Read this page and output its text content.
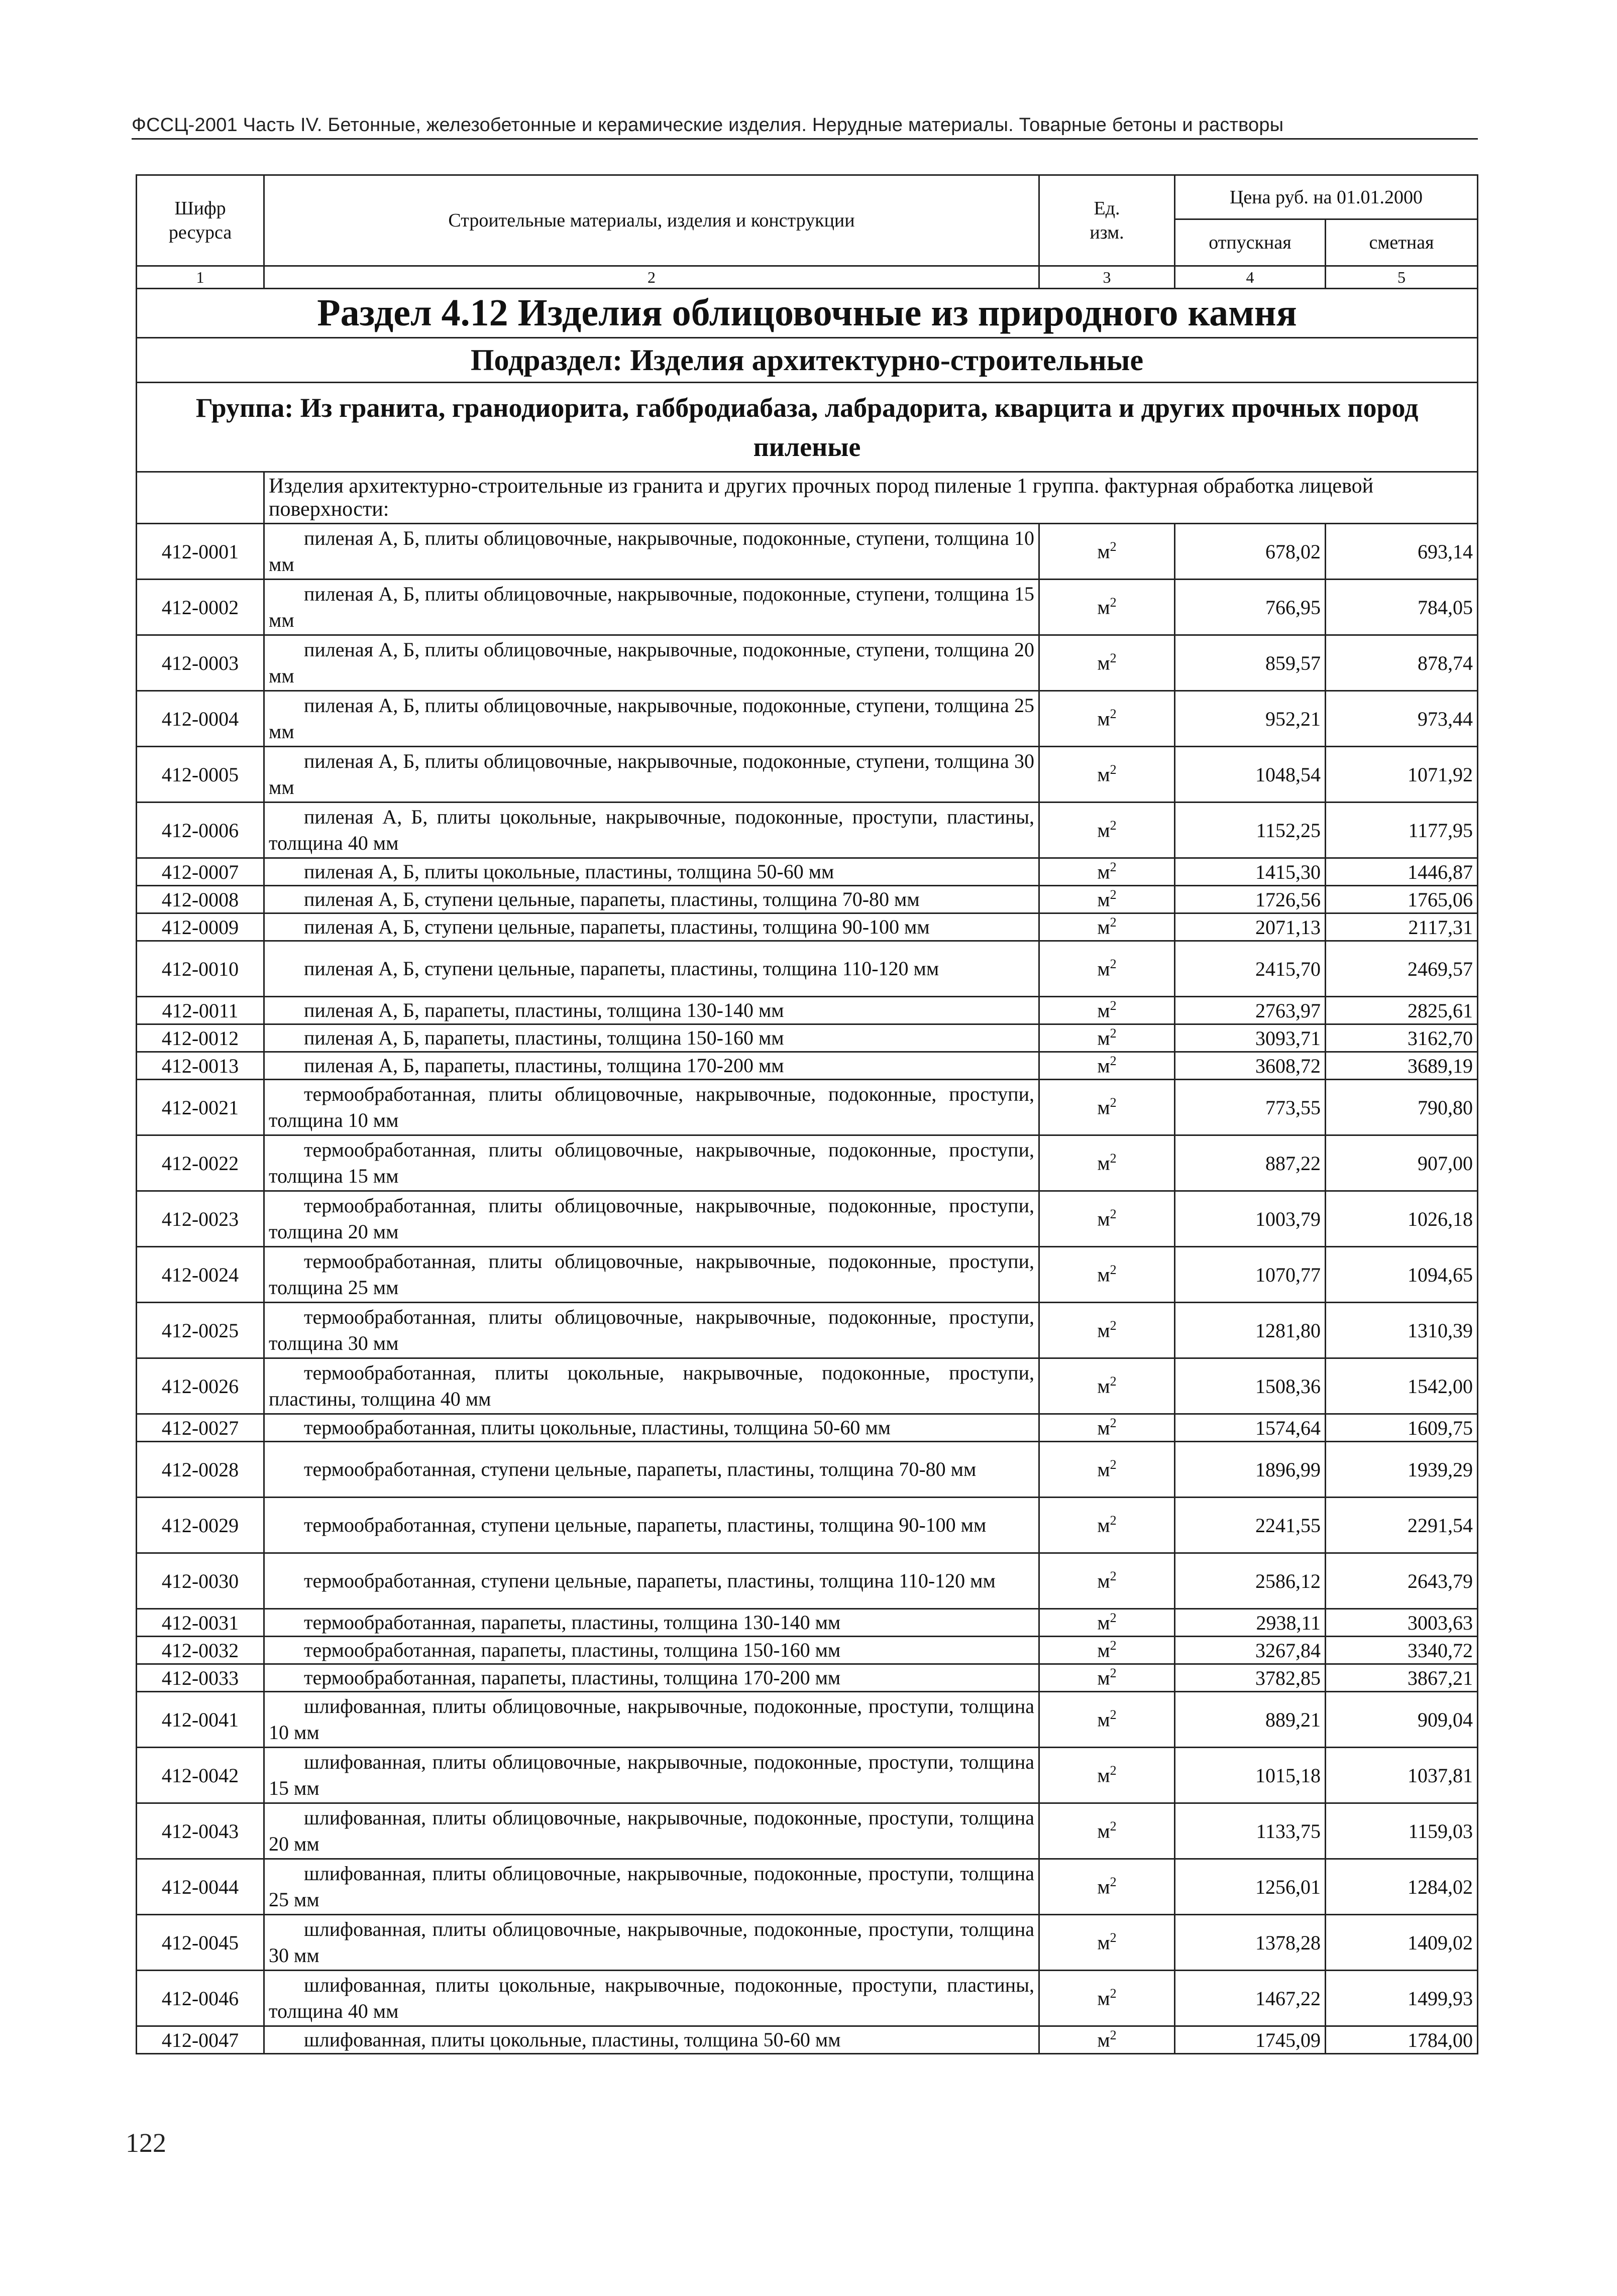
ФССЦ-2001 Часть IV. Бетонные, железобетонные и керамические изделия. Нерудные материалы. Товарные бетоны и растворы
Шифр
ресурса	Строительные материалы, изделия и конструкции	Ед.
изм.	Цена руб. на 01.01.2000	
			отпускная	сметная
1	2	3	4	5
Раздел 4.12 Изделия облицовочные из природного камня				
Подраздел: Изделия архитектурно-строительные				
Группа: Из гранита, гранодиорита, габбродиабаза, лабрадорита, кварцита и других прочных пород пиленые				
	Изделия архитектурно-строительные из гранита и других прочных пород пиленые 1 группа. фактурная обработка лицевой поверхности:			
412-0001	пиленая А, Б, плиты облицовочные, накрывочные, подоконные, ступени, толщина 10 мм	$м^2$	678,02	693,14
412-0002	пиленая А, Б, плиты облицовочные, накрывочные, подоконные, ступени, толщина 15 мм	$м^2$	766,95	784,05
412-0003	пиленая А, Б, плиты облицовочные, накрывочные, подоконные, ступени, толщина 20 мм	$м^2$	859,57	878,74
412-0004	пиленая А, Б, плиты облицовочные, накрывочные, подоконные, ступени, толщина 25 мм	$м^2$	952,21	973,44
412-0005	пиленая А, Б, плиты облицовочные, накрывочные, подоконные, ступени, толщина 30 мм	$м^2$	1048,54	1071,92
412-0006	пиленая А, Б, плиты цокольные, накрывочные, подоконные, проступи, пластины, толщина 40 мм	$м^2$	1152,25	1177,95
412-0007	пиленая А, Б, плиты цокольные, пластины, толщина 50-60 мм	$м^2$	1415,30	1446,87
412-0008	пиленая А, Б, ступени цельные, парапеты, пластины, толщина 70-80 мм	$м^2$	1726,56	1765,06
412-0009	пиленая А, Б, ступени цельные, парапеты, пластины, толщина 90-100 мм	$м^2$	2071,13	2117,31
412-0010	пиленая А, Б, ступени цельные, парапеты, пластины, толщина 110-120 мм	$м^2$	2415,70	2469,57
412-0011	пиленая А, Б, парапеты, пластины, толщина 130-140 мм	$м^2$	2763,97	2825,61
412-0012	пиленая А, Б, парапеты, пластины, толщина 150-160 мм	$м^2$	3093,71	3162,70
412-0013	пиленая А, Б, парапеты, пластины, толщина 170-200 мм	$м^2$	3608,72	3689,19
412-0021	термообработанная, плиты облицовочные, накрывочные, подоконные, проступи, толщина 10 мм	$м^2$	773,55	790,80
412-0022	термообработанная, плиты облицовочные, накрывочные, подоконные, проступи, толщина 15 мм	$м^2$	887,22	907,00
412-0023	термообработанная, плиты облицовочные, накрывочные, подоконные, проступи, толщина 20 мм	$м^2$	1003,79	1026,18
412-0024	термообработанная, плиты облицовочные, накрывочные, подоконные, проступи, толщина 25 мм	$м^2$	1070,77	1094,65
412-0025	термообработанная, плиты облицовочные, накрывочные, подоконные, проступи, толщина 30 мм	$м^2$	1281,80	1310,39
412-0026	термообработанная, плиты цокольные, накрывочные, подоконные, проступи, пластины, толщина 40 мм	$м^2$	1508,36	1542,00
412-0027	термообработанная, плиты цокольные, пластины, толщина 50-60 мм	$м^2$	1574,64	1609,75
412-0028	термообработанная, ступени цельные, парапеты, пластины, толщина 70-80 мм	$м^2$	1896,99	1939,29
412-0029	термообработанная, ступени цельные, парапеты, пластины, толщина 90-100 мм	$м^2$	2241,55	2291,54
412-0030	термообработанная, ступени цельные, парапеты, пластины, толщина 110-120 мм	$м^2$	2586,12	2643,79
412-0031	термообработанная, парапеты, пластины, толщина 130-140 мм	$м^2$	2938,11	3003,63
412-0032	термообработанная, парапеты, пластины, толщина 150-160 мм	$м^2$	3267,84	3340,72
412-0033	термообработанная, парапеты, пластины, толщина 170-200 мм	$м^2$	3782,85	3867,21
412-0041	шлифованная, плиты облицовочные, накрывочные, подоконные, проступи, толщина 10 мм	$м^2$	889,21	909,04
412-0042	шлифованная, плиты облицовочные, накрывочные, подоконные, проступи, толщина 15 мм	$м^2$	1015,18	1037,81
412-0043	шлифованная, плиты облицовочные, накрывочные, подоконные, проступи, толщина 20 мм	$м^2$	1133,75	1159,03
412-0044	шлифованная, плиты облицовочные, накрывочные, подоконные, проступи, толщина 25 мм	$м^2$	1256,01	1284,02
412-0045	шлифованная, плиты облицовочные, накрывочные, подоконные, проступи, толщина 30 мм	$м^2$	1378,28	1409,02
412-0046	шлифованная, плиты цокольные, накрывочные, подоконные, проступи, пластины, толщина 40 мм	$м^2$	1467,22	1499,93
412-0047	шлифованная, плиты цокольные, пластины, толщина 50-60 мм	$м^2$	1745,09	1784,00
122
